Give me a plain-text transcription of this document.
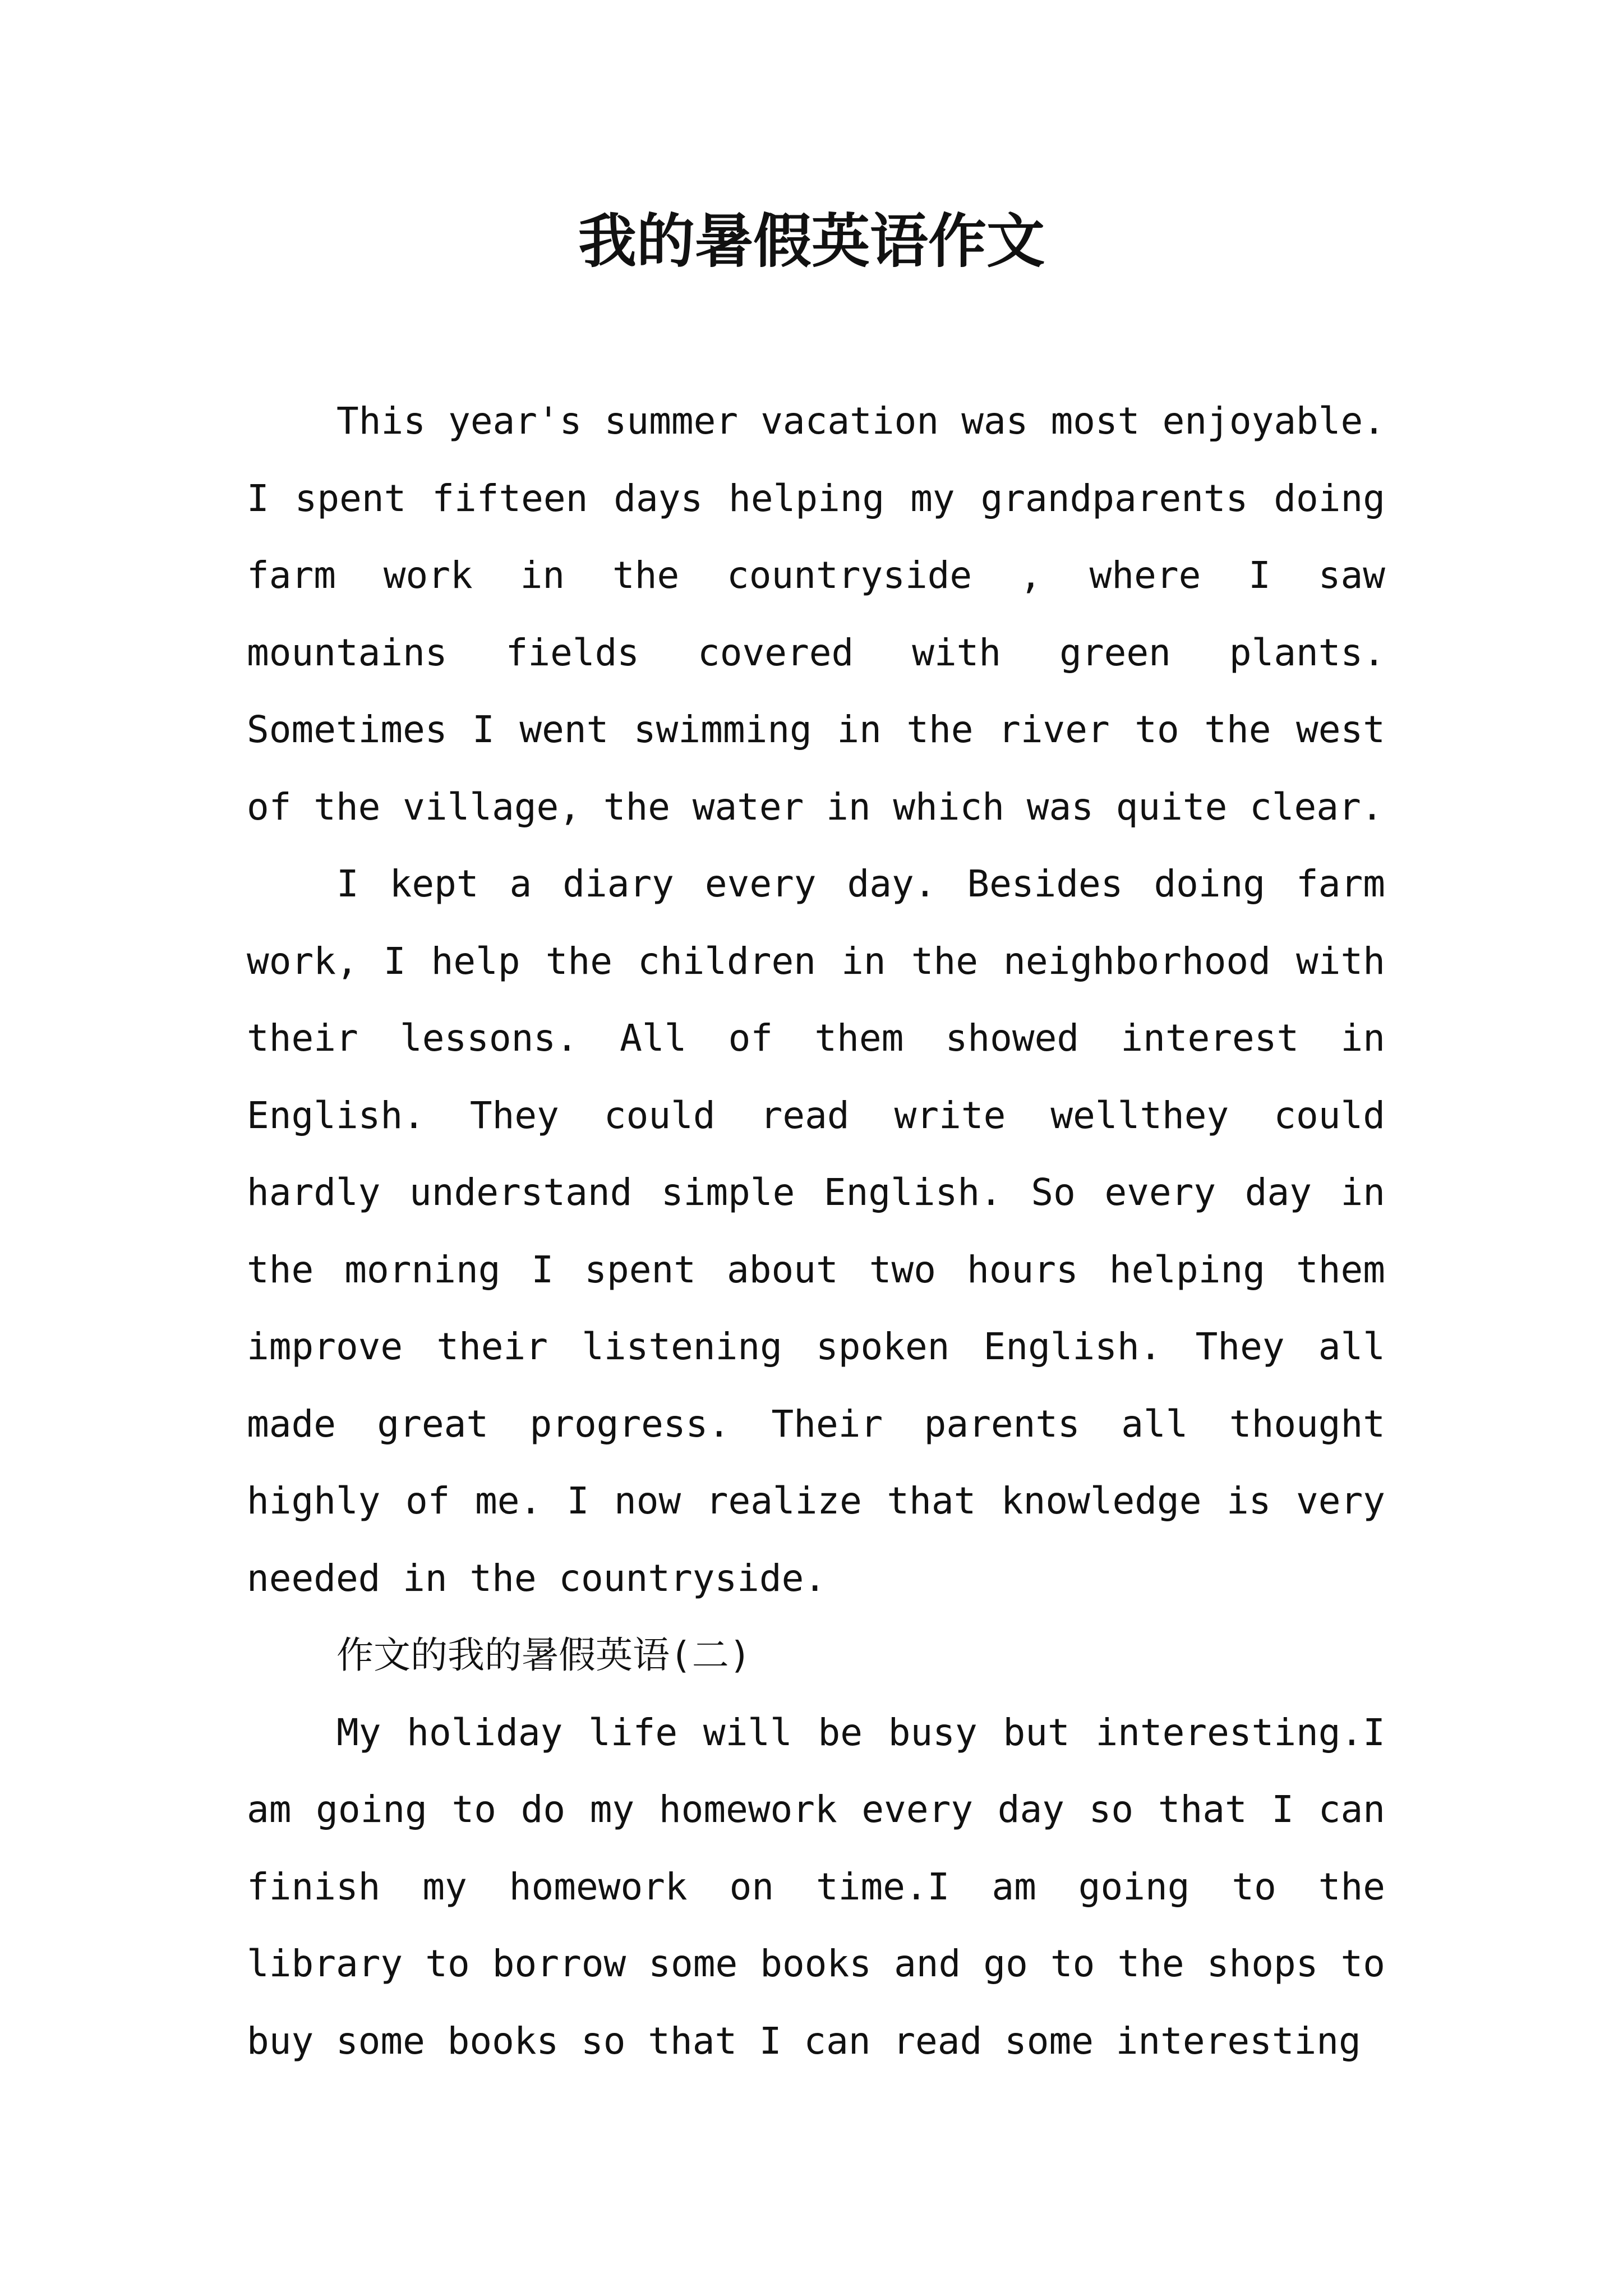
我的暑假英语作文

This year's summer vacation was most enjoyable. I spent fifteen days helping my grandparents doing farm work in the countryside , where I saw mountains fields covered with green plants. Sometimes I went swimming in the river to the west of the village, the water in which was quite clear.

I kept a diary every day. Besides doing farm work, I help the children in the neighborhood with their lessons. All of them showed interest in English. They could read write wellthey could hardly understand simple English. So every day in the morning I spent about two hours helping them improve their listening spoken English. They all made great progress. Their parents all thought highly of me. I now realize that knowledge is very needed in the countryside.

作文的我的暑假英语(二)

My holiday life will be busy but interesting.I am going to do my homework every day so that I can finish my homework on time.I am going to the library to borrow some books and go to the shops to buy some books so that I can read some interesting
